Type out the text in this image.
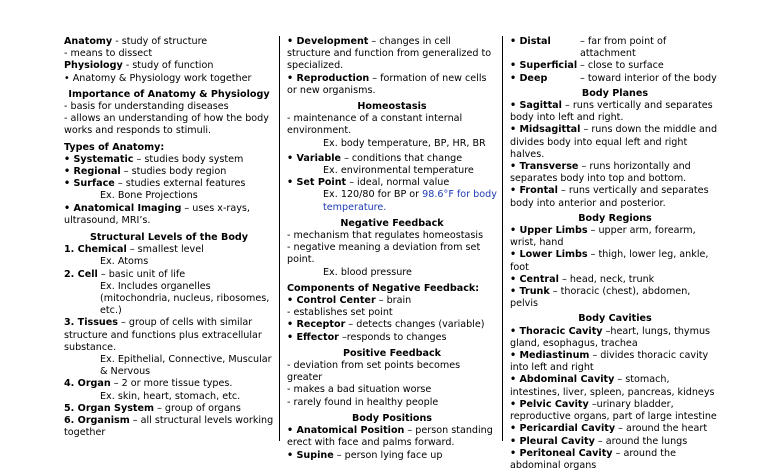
Anatomy - study of structure

- means to dissect

Physiology - study of function

• Anatomy & Physiology work together

Importance of Anatomy & Physiology

- basis for understanding diseases

- allows an understanding of how the body works and responds to stimuli.

Types of Anatomy:

• Systematic – studies body system

• Regional – studies body region

• Surface – studies external features

Ex. Bone Projections

• Anatomical Imaging – uses x-rays, ultrasound, MRI’s.

Structural Levels of the Body

1. Chemical – smallest level

Ex. Atoms

2. Cell – basic unit of life

Ex. Includes organelles (mitochondria, nucleus, ribosomes, etc.)

3. Tissues – group of cells with similar structure and functions plus extracellular substance.

Ex. Epithelial, Connective, Muscular & Nervous

4. Organ – 2 or more tissue types.

Ex. skin, heart, stomach, etc.

5. Organ System – group of organs

6. Organism – all structural levels working together

• Development – changes in cell structure and function from generalized to specialized.

• Reproduction – formation of new cells or new organisms.

Homeostasis

- maintenance of a constant internal environment.

Ex. body temperature, BP, HR, BR

• Variable – conditions that change

Ex. environmental temperature

• Set Point – ideal, normal value

Ex. 120/80 for BP or 98.6°F for body temperature.

Negative Feedback

- mechanism that regulates homeostasis

- negative meaning a deviation from set point.

Ex. blood pressure

Components of Negative Feedback:

• Control Center – brain

- establishes set point

• Receptor – detects changes (variable)

• Effector –responds to changes

Positive Feedback

- deviation from set points becomes greater

- makes a bad situation worse

- rarely found in healthy people

Body Positions

• Anatomical Position – person standing erect with face and palms forward.

• Supine – person lying face up

• Distal	– far from point of attachment
• Superficial – close to surface
• Deep	– toward interior of the body

Body Planes

• Sagittal – runs vertically and separates body into left and right.

• Midsagittal – runs down the middle and divides body into equal left and right halves.

• Transverse – runs horizontally and separates body into top and bottom.

• Frontal – runs vertically and separates body into anterior and posterior.

Body Regions

• Upper Limbs – upper arm, forearm, wrist, hand

• Lower Limbs – thigh, lower leg, ankle, foot

• Central – head, neck, trunk

• Trunk – thoracic (chest), abdomen, pelvis

Body Cavities

• Thoracic Cavity –heart, lungs, thymus gland, esophagus, trachea

• Mediastinum – divides thoracic cavity into left and right

• Abdominal Cavity – stomach, intestines, liver, spleen, pancreas, kidneys

• Pelvic Cavity –urinary bladder, reproductive organs, part of large intestine

• Pericardial Cavity – around the heart

• Pleural Cavity – around the lungs

• Peritoneal Cavity – around the abdominal organs
